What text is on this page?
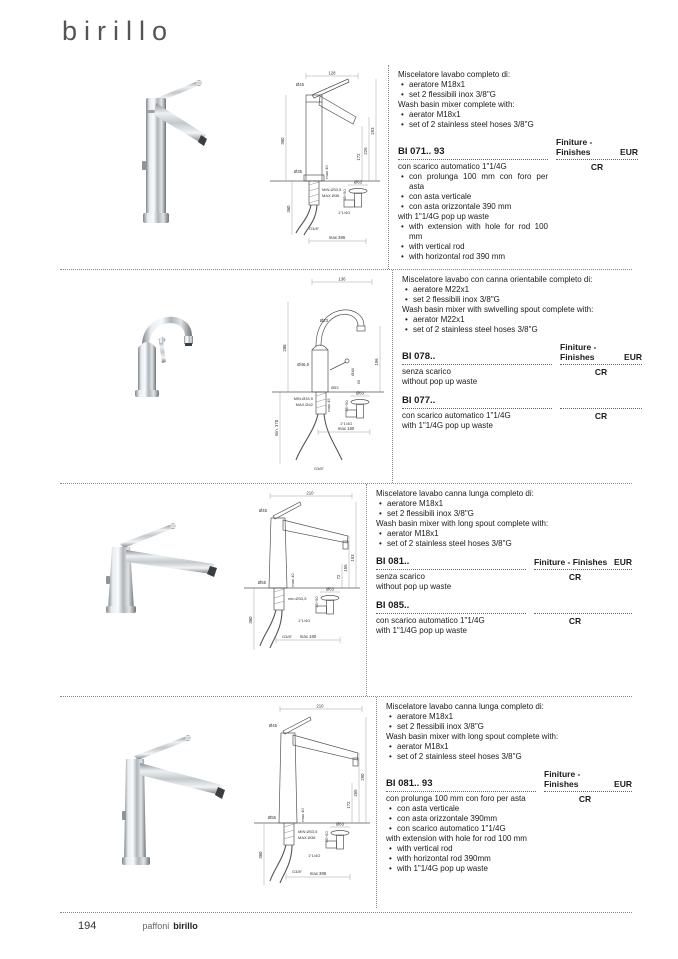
birillo
128
Ø45
360
293
226
172
Ø35	max 40
MIN.Ø33,5
MAX.Ø36
360
G3/8"
Ø63
35÷50
1"1/4G
max 385
Miscelatore lavabo completo di:
• aeratore M18x1
• set 2 flessibili inox 3/8"G
Wash basin mixer complete with:
• aerator M18x1
• set of 2 stainless steel hoses 3/8"G
BI 071.. 93
Finiture - Finishes	EUR
con scarico automatico 1"1/4G
• con prolunga 100 mm con foro per asta
• con asta verticale
• con asta orizzontale 390 mm
with 1"1/4G pop up waste
• with extension with hole for rod 100 mm
• with vertical rod
• with horizontal rod 390 mm
CR
136
Ø23
Ø46,5
288
196
Ø48
55
Ø53
MIN.Ø33,5
MAX.Ø42	max 45
min. 370
G3/8"
Ø63
35÷50
1"1/4G
max 180
Miscelatore lavabo con canna orientabile completo di:
• aeratore M22x1
• set 2 flessibili inox 3/8"G
Wash basin mixer with swivelling spout complete with:
• aerator M22x1
• set of 2 stainless steel hoses 3/8"G
BI 078..
Finiture - Finishes	EUR
senza scarico
without pop up waste
CR
BI 077..
con scarico automatico 1"1/4G
with 1"1/4G pop up waste
CR
210
Ø45
193
155
72
Ø55	max 40
min.Ø33,5
360
G3/8"
Ø63
35÷50
1"1/4G
max 180
Miscelatore lavabo canna lunga completo di:
• aeratore M18x1
• set 2 flessibili inox 3/8"G
Wash basin mixer with long spout complete with:
• aerator M18x1
• set of 2 stainless steel hoses 3/8"G
BI 081..	Finiture - Finishes EUR
senza scarico
without pop up waste
CR
BI 085..
con scarico automatico 1"1/4G
with 1"1/4G pop up waste
CR
210
Ø45
290
255
172
Ø55	max 40
MIN.Ø33,5
MAX.Ø36
360
G3/8"
Ø63
35÷50
1"1/4G
max 385
Miscelatore lavabo canna lunga completo di:
• aeratore M18x1
• set 2 flessibili inox 3/8"G
Wash basin mixer with long spout complete with:
• aerator M18x1
• set of 2 stainless steel hoses 3/8"G
BI 081.. 93
Finiture - Finishes	EUR
con prolunga 100 mm con foro per asta
• con asta verticale
• con asta orizzontale 390mm
• con scarico automatico 1"1/4G
with extension with hole for rod 100 mm
• with vertical rod
• with horizontal rod 390mm
• with 1"1/4G pop up waste
CR
194	paffoni birillo
